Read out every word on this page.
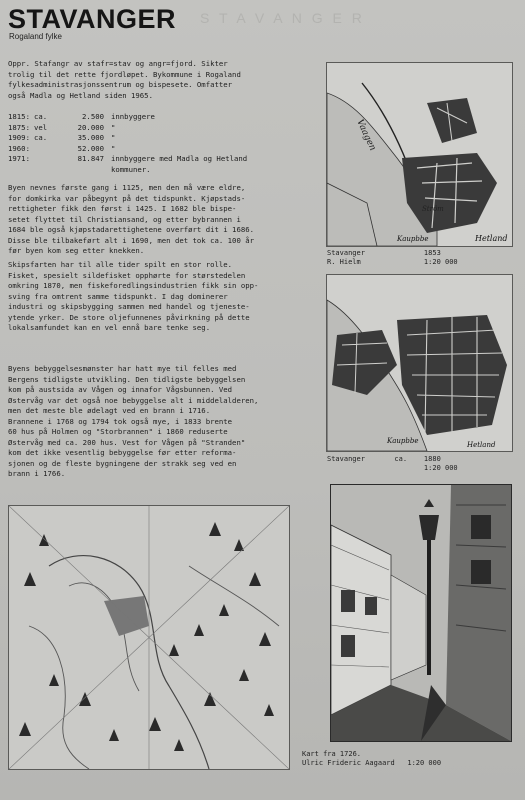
S T A V A N G E R
STAVANGER
Rogaland fylke
Oppr. Stafangr av stafr=stav og angr=fjord. Sikter
trolig til det rette fjordløpet. Bykommune i Rogaland
fylkesadministrasjonssentrum og bispesete. Omfatter
også Madla og Hetland siden 1965.
1815: ca.	2.500 innbyggere
1875: vel	20.000 "
1909: ca.	35.000 "
1960:	52.000 "
1971:	81.847 innbyggere med Madla og Hetland
kommuner.
Byen nevnes første gang i 1125, men den må være eldre,
for domkirka var påbegynt på det tidspunkt. Kjøpstads-
rettigheter fikk den først i 1425. I 1682 ble bispe-
setet flyttet til Christiansand, og etter bybrannen i
1684 ble også kjøpstadarettighetene overført dit i 1686.
Disse ble tilbakeført alt i 1690, men det tok ca. 100 år
før byen kom seg etter knekken.
Skipsfarten har til alle tider spilt en stor rolle.
Fisket, spesielt sildefisket opphørte for størstedelen
omkring 1870, men fiskeforedlingsindustrien fikk sin opp-
sving fra omtrent samme tidspunkt. I dag dominerer
industri og skipsbygging sammen med handel og tjeneste-
ytende yrker. De store oljefunnenes påvirkning på dette
lokalsamfundet kan en vel ennå bare tenke seg.
Byens bebyggelsesmønster har hatt mye til felles med
Bergens tidligste utvikling. Den tidligste bebyggelsen
kom på austsida av Vågen og innafor Vågsbunnen. Ved
Østervåg var det også noe bebyggelse alt i middelalderen,
men det meste ble ødelagt ved en brann i 1716.
Brannene i 1768 og 1794 tok også mye, i 1833 brente
60 hus på Holmen og "Storbrannen" i 1860 reduserte
Østervåg med ca. 200 hus. Vest for Vågen på "Stranden"
kom det ikke vesentlig bebyggelse før etter reforma-
sjonen og de fleste bygningene der strakk seg ved en
brann i 1766.
Vaagen
Ström
Hetland
Kaupbbe
Stavanger              1853
R. Hielm               1:20 000
Kaupbbe	Hetland
Stavanger       ca.    1880
1:20 000
Kart fra 1726.
Ulric Frideric Aagaard   1:20 000
